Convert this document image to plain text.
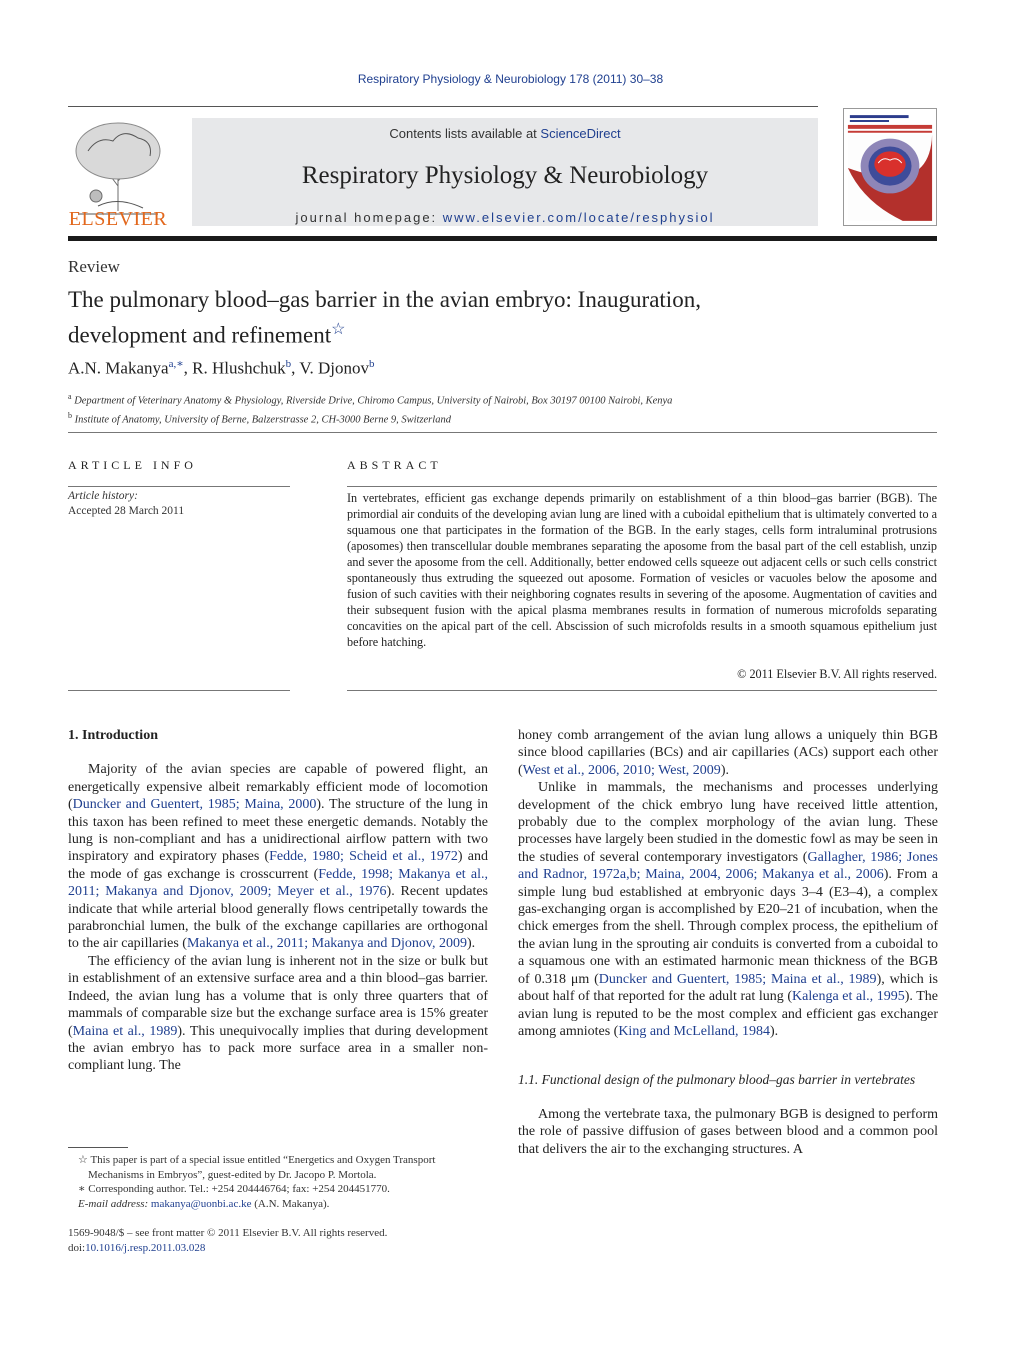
Respiratory Physiology & Neurobiology 178 (2011) 30–38
ELSEVIER
Contents lists available at ScienceDirect
Respiratory Physiology & Neurobiology
journal homepage: www.elsevier.com/locate/resphysiol
Review
The pulmonary blood–gas barrier in the avian embryo: Inauguration,
development and refinement☆
A.N. Makanya$^{a,∗}$, R. Hlushchuk$^b$, V. Djonov$^b$
$^a$ Department of Veterinary Anatomy & Physiology, Riverside Drive, Chiromo Campus, University of Nairobi, Box 30197 00100 Nairobi, Kenya
$^b$ Institute of Anatomy, University of Berne, Balzerstrasse 2, CH-3000 Berne 9, Switzerland
ARTICLE INFO	ABSTRACT
Article history:
Accepted 28 March 2011
In vertebrates, efficient gas exchange depends primarily on establishment of a thin blood–gas barrier (BGB). The primordial air conduits of the developing avian lung are lined with a cuboidal epithelium that is ultimately converted to a squamous one that participates in the formation of the BGB. In the early stages, cells form intraluminal protrusions (aposomes) then transcellular double membranes separating the aposome from the basal part of the cell establish, unzip and sever the aposome from the cell. Additionally, better endowed cells squeeze out adjacent cells or such cells constrict spontaneously thus extruding the squeezed out aposome. Formation of vesicles or vacuoles below the aposome and fusion of such cavities with their neighboring cognates results in severing of the aposome. Augmentation of cavities and their subsequent fusion with the apical plasma membranes results in formation of numerous microfolds separating concavities on the apical part of the cell. Abscission of such microfolds results in a smooth squamous epithelium just before hatching.
© 2011 Elsevier B.V. All rights reserved.
1. Introduction

Majority of the avian species are capable of powered flight, an energetically expensive albeit remarkably efficient mode of locomotion (Duncker and Guentert, 1985; Maina, 2000). The structure of the lung in this taxon has been refined to meet these energetic demands. Notably the lung is non-compliant and has a unidirectional airflow pattern with two inspiratory and expiratory phases (Fedde, 1980; Scheid et al., 1972) and the mode of gas exchange is crosscurrent (Fedde, 1998; Makanya et al., 2011; Makanya and Djonov, 2009; Meyer et al., 1976). Recent updates indicate that while arterial blood generally flows centripetally towards the parabronchial lumen, the bulk of the exchange capillaries are orthogonal to the air capillaries (Makanya et al., 2011; Makanya and Djonov, 2009).

The efficiency of the avian lung is inherent not in the size or bulk but in establishment of an extensive surface area and a thin blood–gas barrier. Indeed, the avian lung has a volume that is only three quarters that of mammals of comparable size but the exchange surface area is 15% greater (Maina et al., 1989). This unequivocally implies that during development the avian embryo has to pack more surface area in a smaller non-compliant lung. The

honey comb arrangement of the avian lung allows a uniquely thin BGB since blood capillaries (BCs) and air capillaries (ACs) support each other (West et al., 2006, 2010; West, 2009).

Unlike in mammals, the mechanisms and processes underlying development of the chick embryo lung have received little attention, probably due to the complex morphology of the avian lung. These processes have largely been studied in the domestic fowl as may be seen in the studies of several contemporary investigators (Gallagher, 1986; Jones and Radnor, 1972a,b; Maina, 2004, 2006; Makanya et al., 2006). From a simple lung bud established at embryonic days 3–4 (E3–4), a complex gas-exchanging organ is accomplished by E20–21 of incubation, when the chick emerges from the shell. Through complex process, the epithelium of the avian lung in the sprouting air conduits is converted from a cuboidal to a squamous one with an estimated harmonic mean thickness of the BGB of 0.318 μm (Duncker and Guentert, 1985; Maina et al., 1989), which is about half of that reported for the adult rat lung (Kalenga et al., 1995). The avian lung is reputed to be the most complex and efficient gas exchanger among amniotes (King and McLelland, 1984).

1.1. Functional design of the pulmonary blood–gas barrier in vertebrates

Among the vertebrate taxa, the pulmonary BGB is designed to perform the role of passive diffusion of gases between blood and a common pool that delivers the air to the exchanging structures. A

☆ This paper is part of a special issue entitled “Energetics and Oxygen Transport Mechanisms in Embryos”, guest-edited by Dr. Jacopo P. Mortola.
∗ Corresponding author. Tel.: +254 204446764; fax: +254 204451770.
E-mail address: makanya@uonbi.ac.ke (A.N. Makanya).
1569-9048/$ – see front matter © 2011 Elsevier B.V. All rights reserved.
doi:10.1016/j.resp.2011.03.028
